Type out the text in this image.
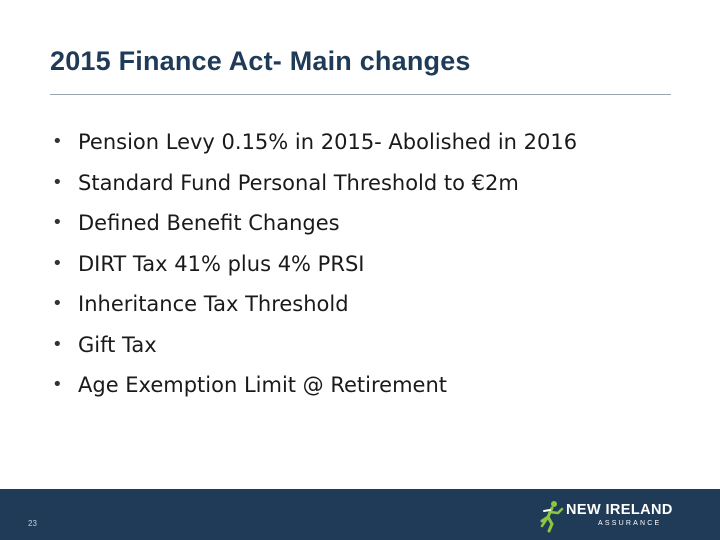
2015 Finance Act- Main changes
• Pension Levy 0.15% in 2015- Abolished in 2016
• Standard Fund Personal Threshold to €2m
• Defined Benefit Changes
• DIRT Tax 41% plus 4% PRSI
• Inheritance Tax Threshold
• Gift Tax
• Age Exemption Limit @ Retirement
23
NEW IRELAND
ASSURANCE
